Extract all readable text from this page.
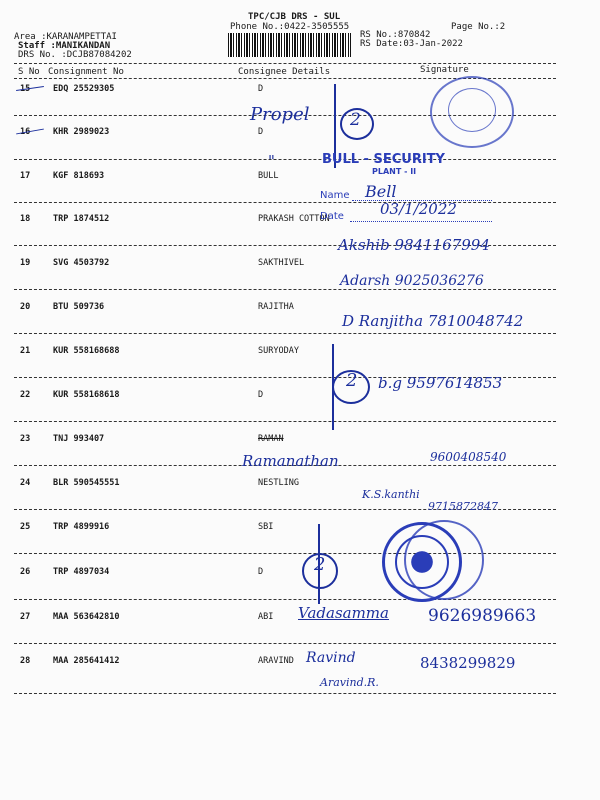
TPC/CJB DRS - SUL
Phone No.:0422-3505555	Page No.:2
RS No.:870842
RS Date:03-Jan-2022
Area :KARANAMPETTAI
Staff :MANIKANDAN
DRS No. :DCJB87084202
S No Consignment No	Consignee Details	Signature
15	EDQ 25529305	D
16	KHR 2989023	D
17	KGF 818693	BULL
18	TRP 1874512	PRAKASH COTTON
19	SVG 4503792	SAKTHIVEL
20	BTU 509736	RAJITHA
21	KUR 558168688	SURYODAY
22	KUR 558168618	D
23	TNJ 993407	RAMAN
24	BLR 590545551	NESTLING
25	TRP 4899916	SBI
26	TRP 4897034	D
27	MAA 563642810	ABI
28	MAA 285641412	ARAVIND
Propel 2
"	BULL - SECURITY
PLANT - II
Name Bell
Date 03/1/2022
Akshib 9841167994
Adarsh 9025036276
D Ranjitha 7810048742
2 b.g 9597614853
Ramanathan	9600408540
K.S.kanthi
9715872847
2
Vadasamma 9626989663
Ravind
Aravind.R.
8438299829
